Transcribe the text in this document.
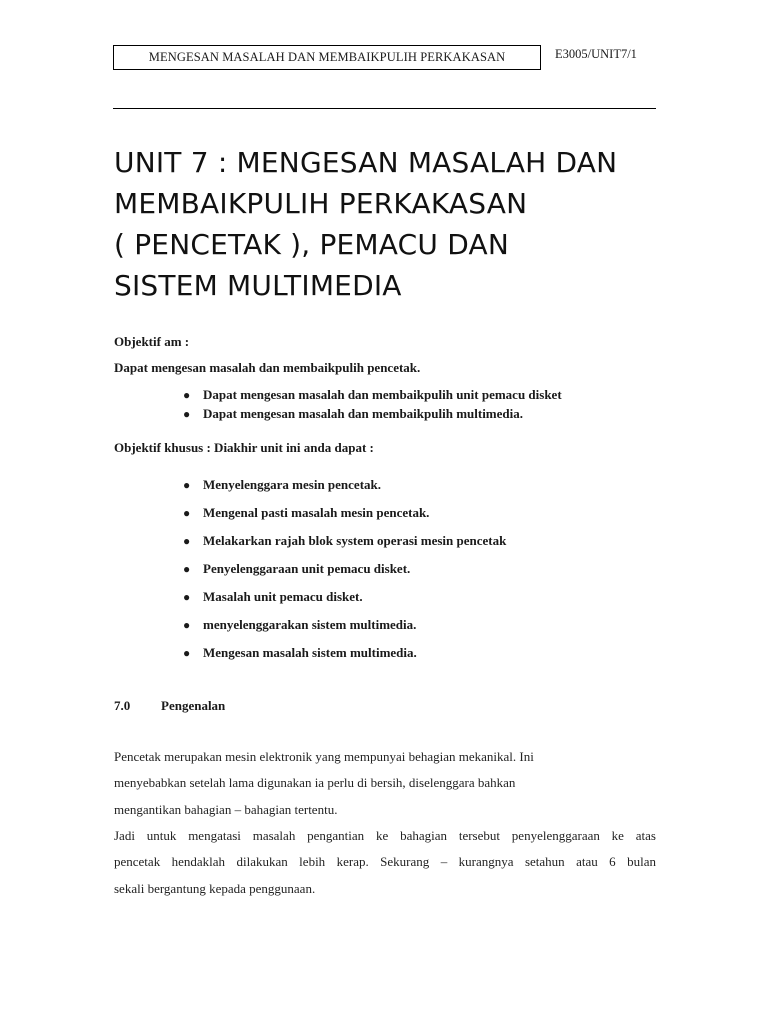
MENGESAN MASALAH DAN MEMBAIKPULIH PERKAKASAN	E3005/UNIT7/1
UNIT 7 : MENGESAN MASALAH DAN
MEMBAIKPULIH PERKAKASAN
( PENCETAK ), PEMACU DAN
SISTEM MULTIMEDIA
Objektif am :
Dapat mengesan masalah dan membaikpulih pencetak.
● Dapat mengesan masalah dan membaikpulih unit pemacu disket
● Dapat mengesan masalah dan membaikpulih multimedia.
Objektif khusus : Diakhir unit ini anda dapat :
● Menyelenggara mesin pencetak.
● Mengenal pasti masalah mesin pencetak.
● Melakarkan rajah blok system operasi mesin pencetak
● Penyelenggaraan unit pemacu disket.
● Masalah unit pemacu disket.
● menyelenggarakan sistem multimedia.
● Mengesan masalah sistem multimedia.
7.0 Pengenalan

Pencetak merupakan mesin elektronik yang mempunyai behagian mekanikal. Ini
menyebabkan setelah lama digunakan ia perlu di bersih, diselenggara bahkan
mengantikan bahagian – bahagian tertentu.

Jadi untuk mengatasi masalah pengantian ke bahagian tersebut penyelenggaraan ke atas
pencetak hendaklah dilakukan lebih kerap. Sekurang – kurangnya setahun atau 6 bulan
sekali bergantung kepada penggunaan.
